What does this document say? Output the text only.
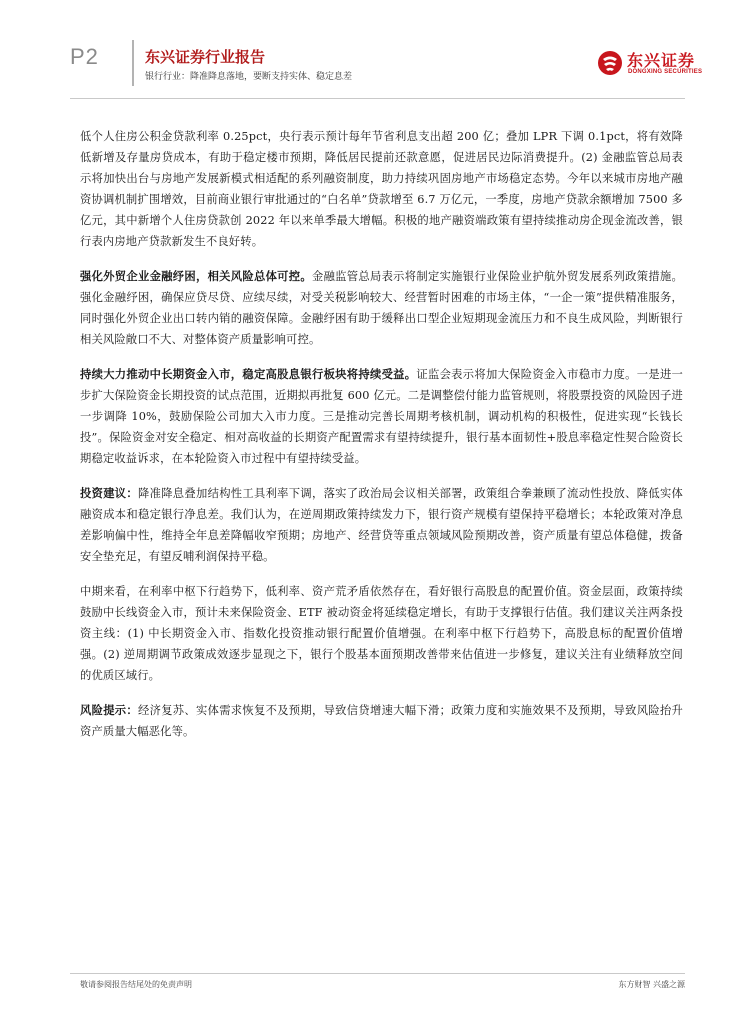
P2	东兴证券行业报告
银行行业：降准降息落地，要断支持实体、稳定息差
东兴证券
DONGXING SECURITIES

低个人住房公积金贷款利率 0.25pct，央行表示预计每年节省利息支出超 200 亿；叠加 LPR 下调 0.1pct，将有效降低新增及存量房贷成本，有助于稳定楼市预期，降低居民提前还款意愿，促进居民边际消费提升。(2) 金融监管总局表示将加快出台与房地产发展新模式相适配的系列融资制度，助力持续巩固房地产市场稳定态势。今年以来城市房地产融资协调机制扩围增效，目前商业银行审批通过的“白名单”贷款增至 6.7 万亿元，一季度，房地产贷款余额增加 7500 多亿元，其中新增个人住房贷款创 2022 年以来单季最大增幅。积极的地产融资端政策有望持续推动房企现金流改善，银行表内房地产贷款新发生不良好转。

强化外贸企业金融纾困，相关风险总体可控。金融监管总局表示将制定实施银行业保险业护航外贸发展系列政策措施。强化金融纾困，确保应贷尽贷、应续尽续，对受关税影响较大、经营暂时困难的市场主体，“一企一策”提供精准服务，同时强化外贸企业出口转内销的融资保障。金融纾困有助于缓释出口型企业短期现金流压力和不良生成风险，判断银行相关风险敞口不大、对整体资产质量影响可控。

持续大力推动中长期资金入市，稳定高股息银行板块将持续受益。证监会表示将加大保险资金入市稳市力度。一是进一步扩大保险资金长期投资的试点范围，近期拟再批复 600 亿元。二是调整偿付能力监管规则，将股票投资的风险因子进一步调降 10%，鼓励保险公司加大入市力度。三是推动完善长周期考核机制，调动机构的积极性，促进实现“长钱长投”。保险资金对安全稳定、相对高收益的长期资产配置需求有望持续提升，银行基本面韧性+股息率稳定性契合险资长期稳定收益诉求，在本轮险资入市过程中有望持续受益。

投资建议：降准降息叠加结构性工具利率下调，落实了政治局会议相关部署，政策组合拳兼顾了流动性投放、降低实体融资成本和稳定银行净息差。我们认为，在逆周期政策持续发力下，银行资产规模有望保持平稳增长；本轮政策对净息差影响偏中性，维持全年息差降幅收窄预期；房地产、经营贷等重点领域风险预期改善，资产质量有望总体稳健，拨备安全垫充足，有望反哺利润保持平稳。

中期来看，在利率中枢下行趋势下，低利率、资产荒矛盾依然存在，看好银行高股息的配置价值。资金层面，政策持续鼓励中长线资金入市，预计未来保险资金、ETF 被动资金将延续稳定增长，有助于支撑银行估值。我们建议关注两条投资主线：(1) 中长期资金入市、指数化投资推动银行配置价值增强。在利率中枢下行趋势下，高股息标的配置价值增强。(2) 逆周期调节政策成效逐步显现之下，银行个股基本面预期改善带来估值进一步修复，建议关注有业绩释放空间的优质区域行。

风险提示：经济复苏、实体需求恢复不及预期，导致信贷增速大幅下滑；政策力度和实施效果不及预期，导致风险抬升资产质量大幅恶化等。

敬请参阅报告结尾处的免责声明	东方财智 兴盛之源
